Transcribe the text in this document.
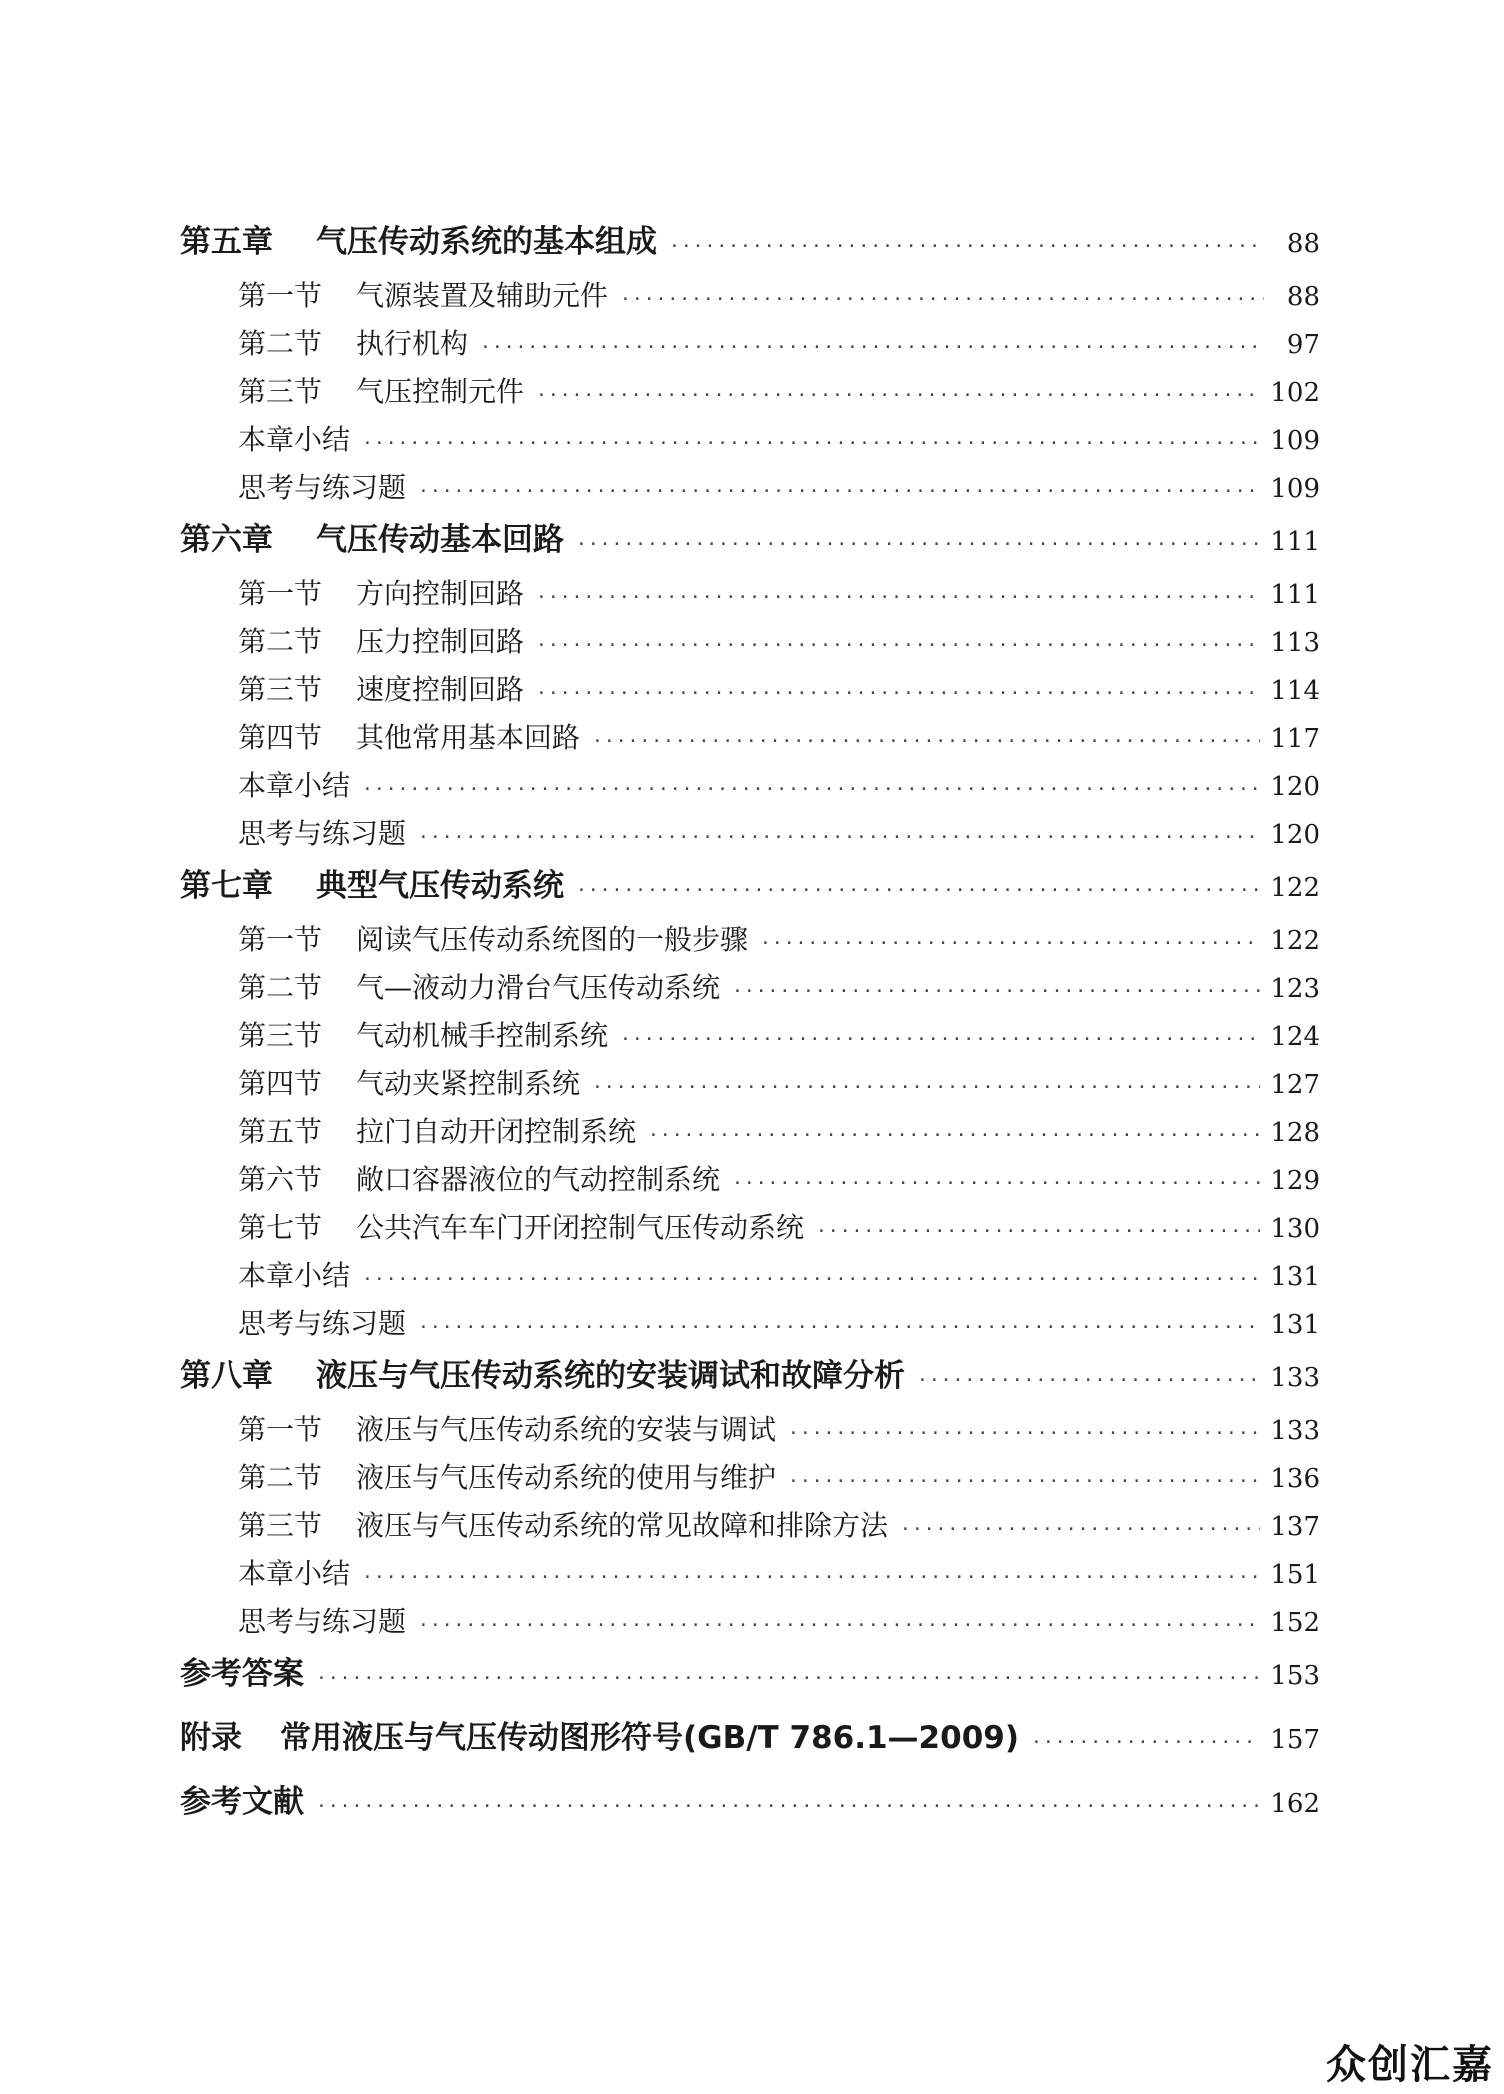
第五章	气压传动系统的基本组成 ·····	88
第一节	气源装置及辅助元件 ·····	88
第二节	执行机构 ·····	97
第三节	气压控制元件 ·····	102
本章小结 ·····	109
思考与练习题 ·····	109
第六章	气压传动基本回路 ·····	111
第一节	方向控制回路 ·····	111
第二节	压力控制回路 ·····	113
第三节	速度控制回路 ·····	114
第四节	其他常用基本回路 ·····	117
本章小结 ·····	120
思考与练习题 ·····	120
第七章	典型气压传动系统 ·····	122
第一节	阅读气压传动系统图的一般步骤 ·····	122
第二节	气—液动力滑台气压传动系统 ·····	123
第三节	气动机械手控制系统 ·····	124
第四节	气动夹紧控制系统 ·····	127
第五节	拉门自动开闭控制系统 ·····	128
第六节	敞口容器液位的气动控制系统 ·····	129
第七节	公共汽车车门开闭控制气压传动系统 ·····	130
本章小结 ·····	131
思考与练习题 ·····	131
第八章	液压与气压传动系统的安装调试和故障分析 ·····	133
第一节	液压与气压传动系统的安装与调试 ·····	133
第二节	液压与气压传动系统的使用与维护 ·····	136
第三节	液压与气压传动系统的常见故障和排除方法 ·····	137
本章小结 ·····	151
思考与练习题 ·····	152
参考答案 ·····	153
附录	常用液压与气压传动图形符号(GB/T 786.1—2009) ·····	157
参考文献 ·····	162
众创汇嘉
